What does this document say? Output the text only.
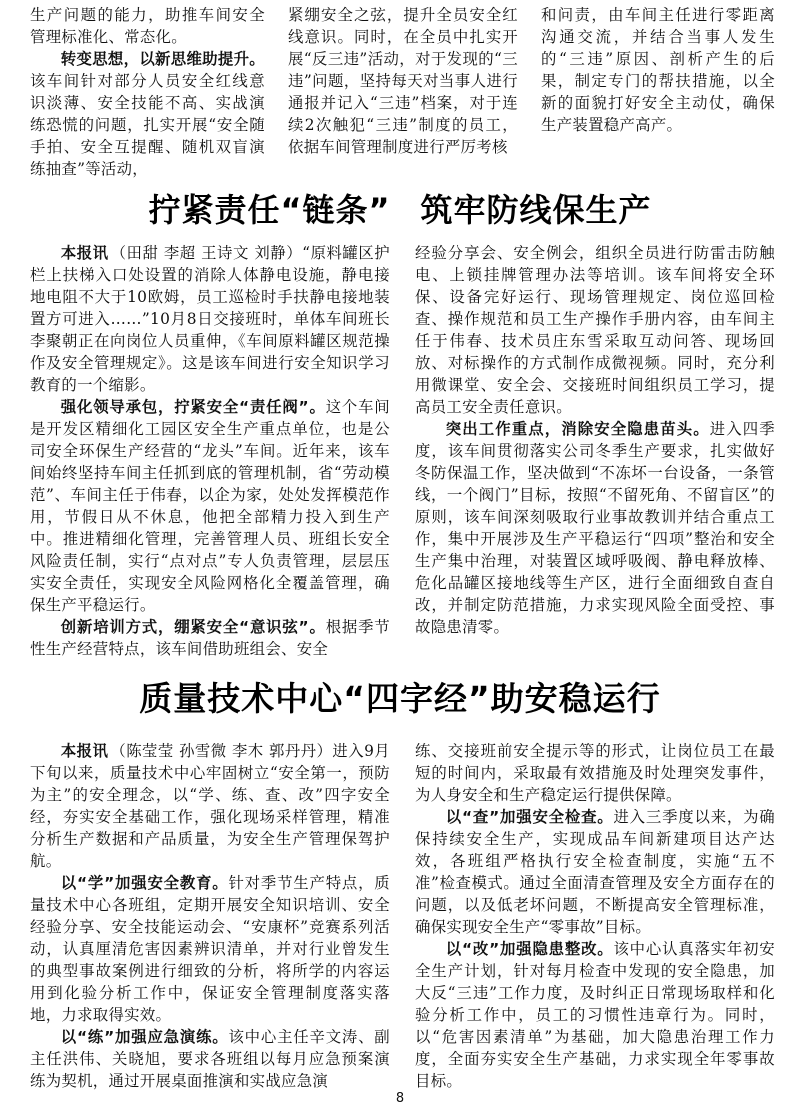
生产问题的能力，助推车间安全管理标准化、常态化。

转变思想，以新思维助提升。该车间针对部分人员安全红线意识淡薄、安全技能不高、实战演练恐慌的问题，扎实开展“安全随手拍、安全互提醒、随机双盲演练抽查”等活动，

紧绷安全之弦，提升全员安全红线意识。同时，在全员中扎实开展“反三违”活动，对于发现的“三违”问题，坚持每天对当事人进行通报并记入“三违”档案，对于连续2次触犯“三违”制度的员工，依据车间管理制度进行严厉考核

和问责，由车间主任进行零距离沟通交流，并结合当事人发生的“三违”原因、剖析产生的后果，制定专门的帮扶措施，以全新的面貌打好安全主动仗，确保生产装置稳产高产。

拧紧责任“链条” 筑牢防线保生产

本报讯 （田甜 李超 王诗文 刘静）“原料罐区护栏上扶梯入口处设置的消除人体静电设施，静电接地电阻不大于10欧姆，员工巡检时手扶静电接地装置方可进入……”10月8日交接班时，单体车间班长李聚朝正在向岗位人员重伸，《车间原料罐区规范操作及安全管理规定》。这是该车间进行安全知识学习教育的一个缩影。

强化领导承包，拧紧安全“责任阀”。这个车间是开发区精细化工园区安全生产重点单位，也是公司安全环保生产经营的“龙头”车间。近年来，该车间始终坚持车间主任抓到底的管理机制，省“劳动模范”、车间主任于伟春，以企为家，处处发挥模范作用，节假日从不休息，他把全部精力投入到生产中。推进精细化管理，完善管理人员、班组长安全风险责任制，实行“点对点”专人负责管理，层层压实安全责任，实现安全风险网格化全覆盖管理，确保生产平稳运行。

创新培训方式，绷紧安全“意识弦”。根据季节性生产经营特点，该车间借助班组会、安全

经验分享会、安全例会，组织全员进行防雷击防触电、上锁挂牌管理办法等培训。该车间将安全环保、设备完好运行、现场管理规定、岗位巡回检查、操作规范和员工生产操作手册内容，由车间主任于伟春、技术员庄东雪采取互动问答、现场回放、对标操作的方式制作成微视频。同时，充分利用微课堂、安全会、交接班时间组织员工学习，提高员工安全责任意识。

突出工作重点，消除安全隐患苗头。进入四季度，该车间贯彻落实公司冬季生产要求，扎实做好冬防保温工作，坚决做到“不冻坏一台设备，一条管线，一个阀门”目标，按照“不留死角、不留盲区”的原则，该车间深刻吸取行业事故教训并结合重点工作，集中开展涉及生产平稳运行“四项”整治和安全生产集中治理，对装置区域呼吸阀、静电释放棒、危化品罐区接地线等生产区，进行全面细致自查自改，并制定防范措施，力求实现风险全面受控、事故隐患清零。

质量技术中心“四字经”助安稳运行

本报讯 （陈莹莹 孙雪微 李木 郭丹丹）进入9月下旬以来，质量技术中心牢固树立“安全第一，预防为主”的安全理念，以“学、练、查、改”四字安全经，夯实安全基础工作，强化现场采样管理，精准分析生产数据和产品质量，为安全生产管理保驾护航。

以“学”加强安全教育。针对季节生产特点，质量技术中心各班组，定期开展安全知识培训、安全经验分享、安全技能运动会、“安康杯”竞赛系列活动，认真厘清危害因素辨识清单，并对行业曾发生的典型事故案例进行细致的分析，将所学的内容运用到化验分析工作中，保证安全管理制度落实落地，力求取得实效。

以“练”加强应急演练。该中心主任辛文涛、副主任洪伟、关晓旭，要求各班组以每月应急预案演练为契机，通过开展桌面推演和实战应急演

练、交接班前安全提示等的形式，让岗位员工在最短的时间内，采取最有效措施及时处理突发事件，为人身安全和生产稳定运行提供保障。

以“查”加强安全检查。进入三季度以来，为确保持续安全生产，实现成品车间新建项目达产达效，各班组严格执行安全检查制度，实施“五不准”检查模式。通过全面清查管理及安全方面存在的问题，以及低老坏问题，不断提高安全管理标准，确保实现安全生产“零事故”目标。

以“改”加强隐患整改。该中心认真落实年初安全生产计划，针对每月检查中发现的安全隐患，加大反“三违”工作力度，及时纠正日常现场取样和化验分析工作中，员工的习惯性违章行为。同时，以“危害因素清单”为基础，加大隐患治理工作力度，全面夯实安全生产基础，力求实现全年零事故目标。

8
